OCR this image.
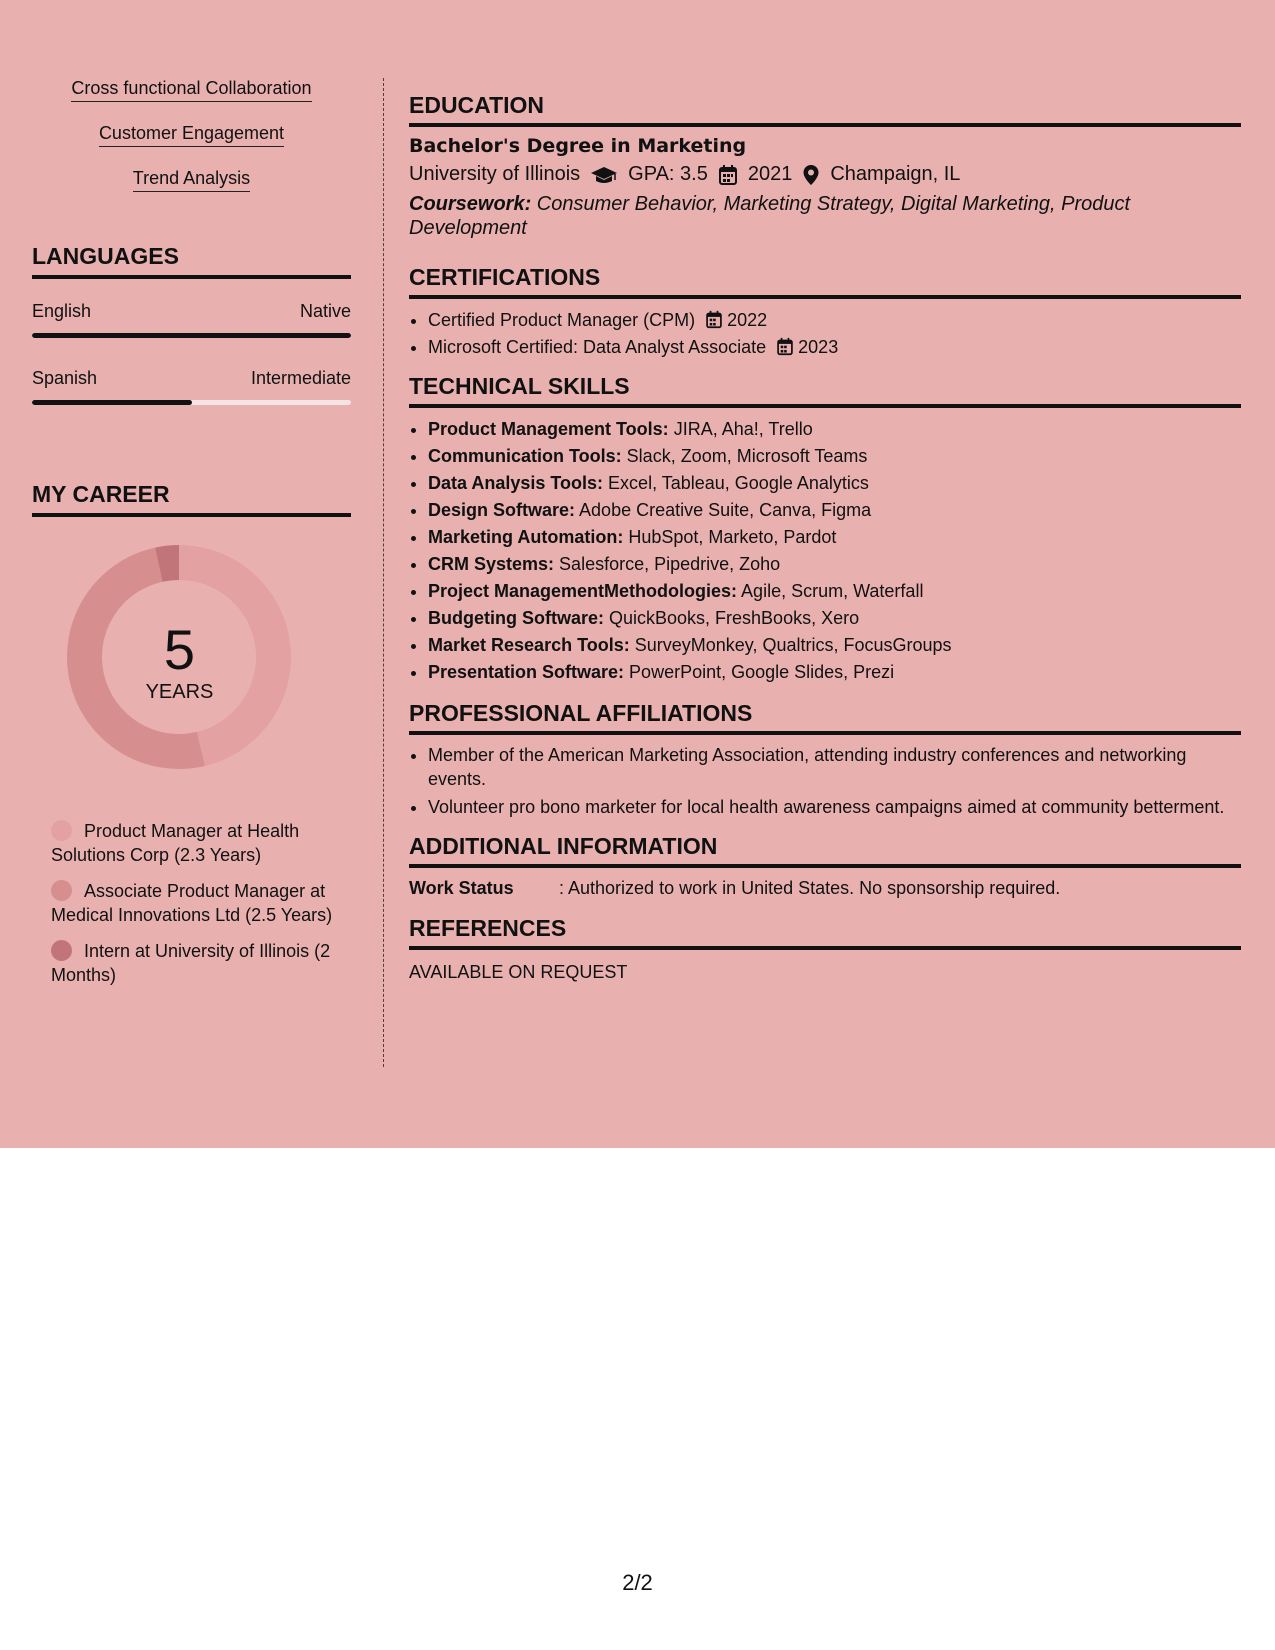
Cross functional Collaboration
Customer Engagement
Trend Analysis
LANGUAGES
English	Native
Spanish	Intermediate
MY CAREER
5
YEARS
Product Manager at Health Solutions Corp (2.3 Years)
Associate Product Manager at Medical Innovations Ltd (2.5 Years)
Intern at University of Illinois (2 Months)
EDUCATION
Bachelor's Degree in Marketing
University of Illinois GPA: 3.5 2021 Champaign, IL
Coursework: Consumer Behavior, Marketing Strategy, Digital Marketing, Product Development
CERTIFICATIONS
• Certified Product Manager (CPM) 2022
• Microsoft Certified: Data Analyst Associate 2023
TECHNICAL SKILLS
• Product Management Tools: JIRA, Aha!, Trello
• Communication Tools: Slack, Zoom, Microsoft Teams
• Data Analysis Tools: Excel, Tableau, Google Analytics
• Design Software: Adobe Creative Suite, Canva, Figma
• Marketing Automation: HubSpot, Marketo, Pardot
• CRM Systems: Salesforce, Pipedrive, Zoho
• Project ManagementMethodologies: Agile, Scrum, Waterfall
• Budgeting Software: QuickBooks, FreshBooks, Xero
• Market Research Tools: SurveyMonkey, Qualtrics, FocusGroups
• Presentation Software: PowerPoint, Google Slides, Prezi
PROFESSIONAL AFFILIATIONS
• Member of the American Marketing Association, attending industry conferences and networking events.
• Volunteer pro bono marketer for local health awareness campaigns aimed at community betterment.
ADDITIONAL INFORMATION
Work Status	: Authorized to work in United States. No sponsorship required.
REFERENCES
AVAILABLE ON REQUEST
2/2
